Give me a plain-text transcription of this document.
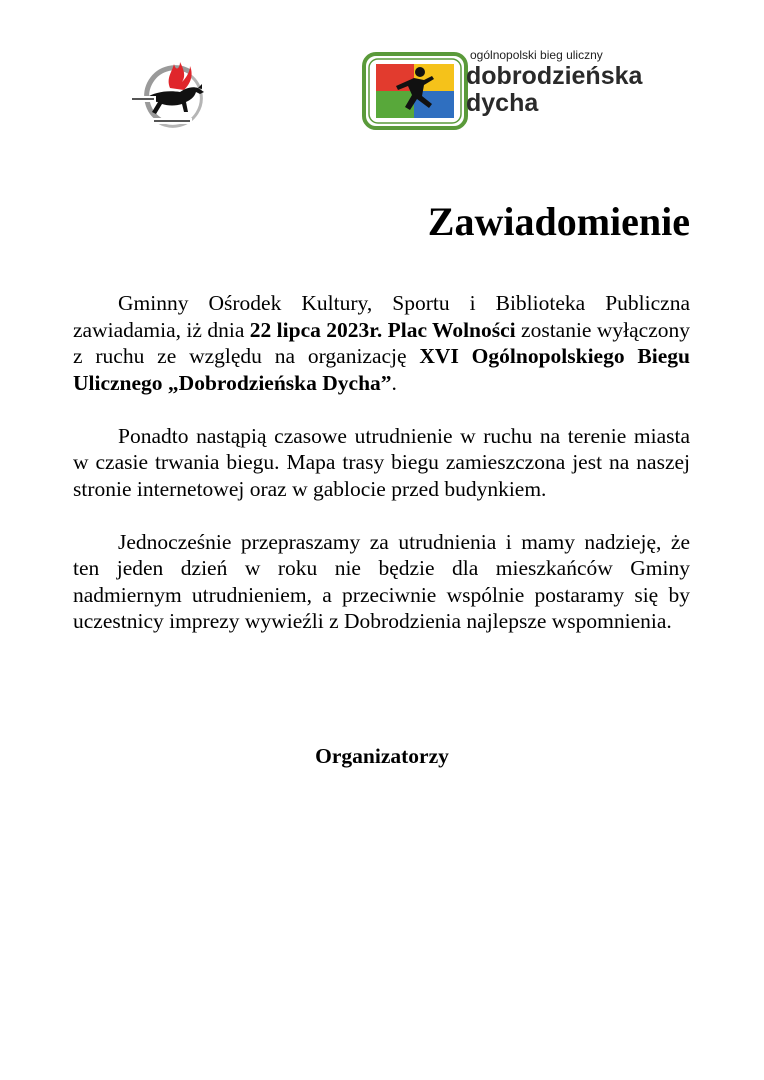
ogólnopolski bieg uliczny
dobrodzieńska
dycha
Zawiadomienie

Gminny Ośrodek Kultury, Sportu i Biblioteka Publiczna zawiadamia, iż dnia 22 lipca 2023r. Plac Wolności zostanie wyłączony z ruchu ze względu na organizację XVI Ogólnopolskiego Biegu Ulicznego „Dobrodzieńska Dycha”.

Ponadto nastąpią czasowe utrudnienie w ruchu na terenie miasta w czasie trwania biegu. Mapa trasy biegu zamieszczona jest na naszej stronie internetowej oraz w gablocie przed budynkiem.

Jednocześnie przepraszamy za utrudnienia i mamy nadzieję, że ten jeden dzień w roku nie będzie dla mieszkańców Gminy nadmiernym utrudnieniem, a przeciwnie wspólnie postaramy się by uczestnicy imprezy wywieźli z Dobrodzienia najlepsze wspomnienia.

Organizatorzy
